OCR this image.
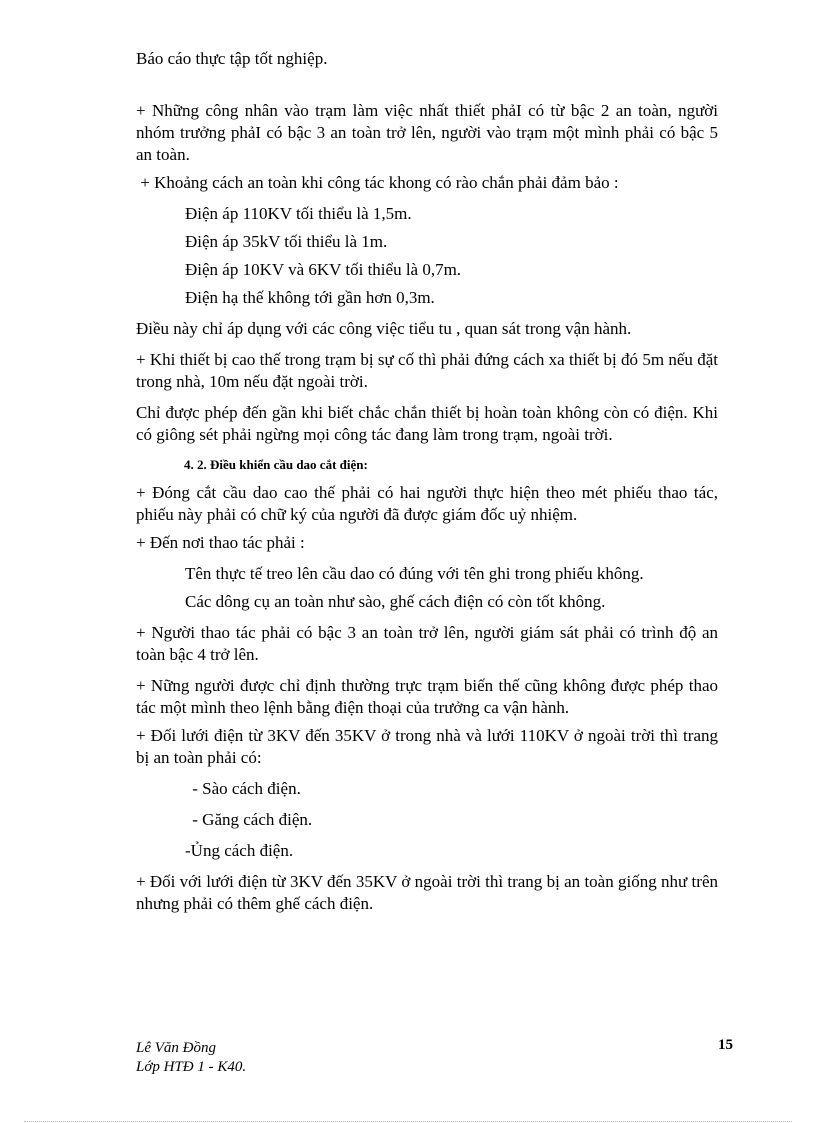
Báo cáo thực tập tốt nghiệp.

+ Những công nhân vào trạm làm việc nhất thiết phảI có từ bậc 2 an toàn, người nhóm trưởng phảI có bậc 3 an toàn trở lên, người vào trạm một mình phải có bậc 5 an toàn.

+ Khoảng cách an toàn khi công tác khong có rào chắn phải đảm bảo :

Điện áp 110KV tối thiểu là 1,5m.

Điện áp 35kV tối thiểu là 1m.

Điện áp 10KV và 6KV tối thiểu là 0,7m.

Điện hạ thế không tới gần hơn 0,3m.

Điều này chỉ áp dụng với các công việc tiểu tu , quan sát trong vận hành.

+ Khi thiết bị cao thế trong trạm bị sự cố thì phải đứng cách xa thiết bị đó 5m nếu đặt trong nhà, 10m nếu đặt ngoài trời.

Chỉ được phép đến gần khi biết chắc chắn thiết bị hoàn toàn không còn có điện. Khi có giông sét phải ngừng mọi công tác đang làm trong trạm, ngoài trời.

4. 2. Điều khiển cầu dao cắt điện:

+ Đóng cắt cầu dao cao thế phải có hai người thực hiện theo mét phiếu thao tác, phiếu này phải có chữ ký của người đã được giám đốc uỷ nhiệm.

+ Đến nơi thao tác phải :

Tên thực tế treo lên cầu dao có đúng với tên ghi trong phiếu không.

Các dông cụ an toàn như sào, ghế cách điện có còn tốt không.

+ Người thao tác phải có bậc 3 an toàn trở lên, người giám sát phải có trình độ an toàn bậc 4 trở lên.

+ Nững người được chỉ định thường trực trạm biến thế cũng không được phép thao tác một mình theo lệnh bằng điện thoại của trưởng ca vận hành.

+ Đối lưới điện từ 3KV đến 35KV ở trong nhà và lưới 110KV ở ngoài trời thì trang bị an toàn phải có:

- Sào cách điện.

- Găng cách điện.

-Ủng cách điện.

+ Đối với lưới điện từ 3KV đến 35KV ở ngoài trời thì trang bị an toàn giống như trên nhưng phải có thêm ghế cách điện.

Lê Văn Đồng
Lớp HTĐ 1 - K40.
15
